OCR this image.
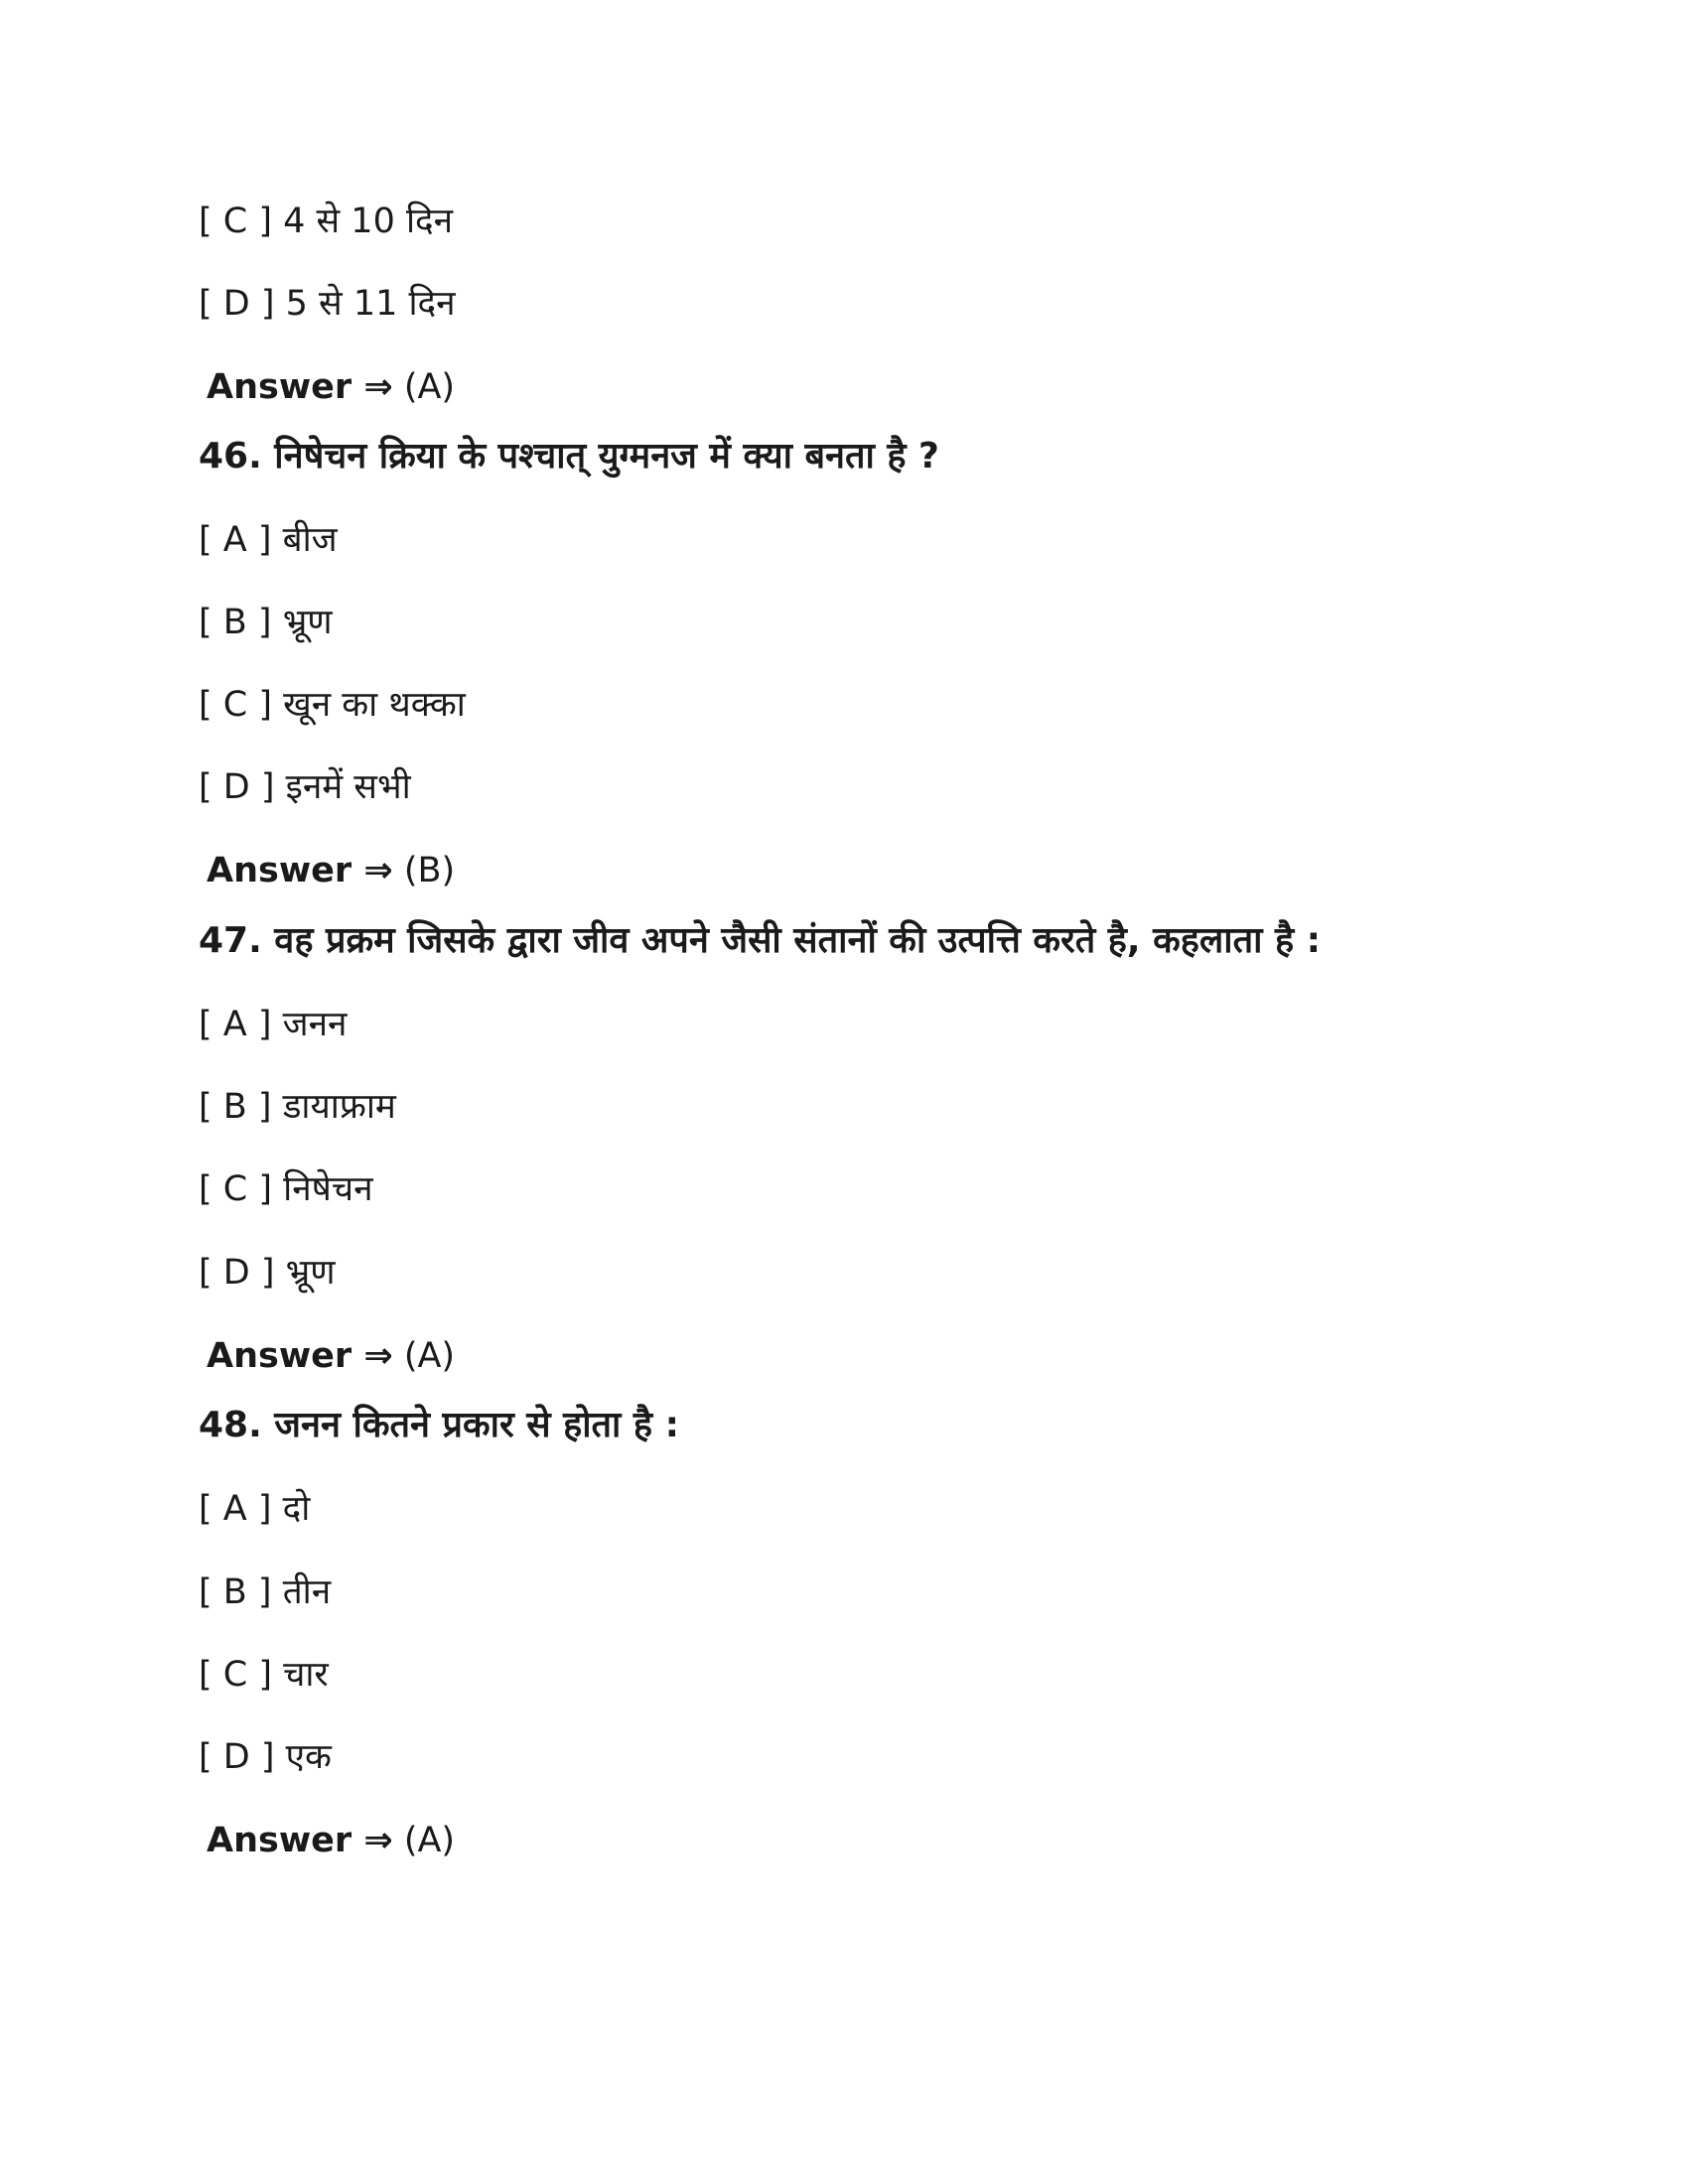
[ C ] 4 से 10 दिन
[ D ] 5 से 11 दिन
Answer ⇒ (A)
46. निषेचन क्रिया के पश्चात् युग्मनज में क्या बनता है ?
[ A ] बीज
[ B ] भ्रूण
[ C ] खून का थक्का
[ D ] इनमें सभी
Answer ⇒ (B)
47. वह प्रक्रम जिसके द्वारा जीव अपने जैसी संतानों की उत्पत्ति करते है, कहलाता है :
[ A ] जनन
[ B ] डायाफ्राम
[ C ] निषेचन
[ D ] भ्रूण
Answer ⇒ (A)
48. जनन कितने प्रकार से होता है :
[ A ] दो
[ B ] तीन
[ C ] चार
[ D ] एक
Answer ⇒ (A)
